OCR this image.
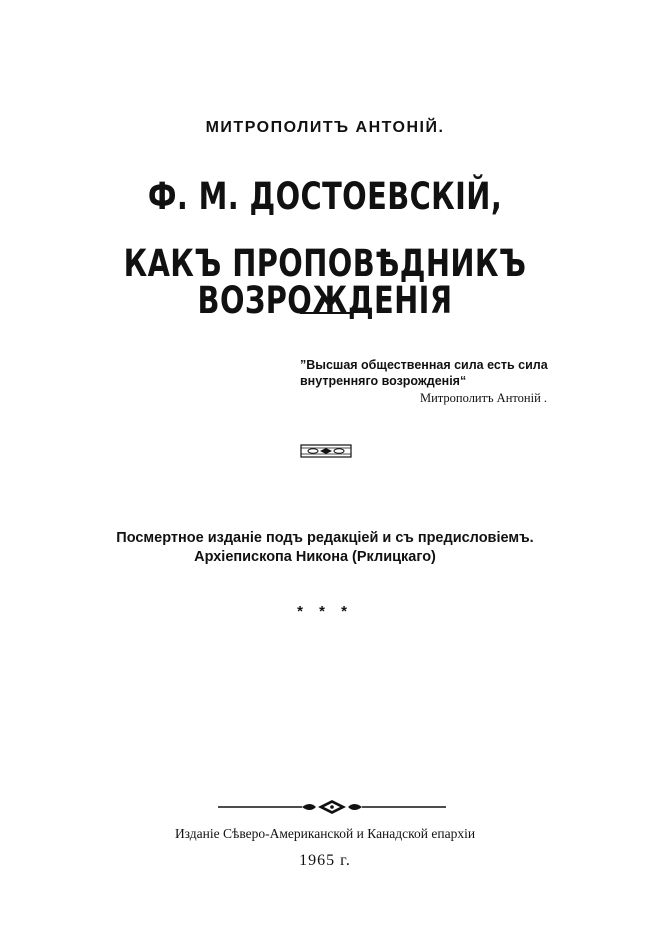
МИТРОПОЛИТЪ АНТОНІЙ.

Ф. М. ДОСТОЕВСКІЙ,
КАКЪ ПРОПОВѢДНИКЪ ВОЗРОЖДЕНІЯ

”Высшая общественная сила есть сила
внутренняго возрожденія“

Митрополитъ Антоній .

Посмертное изданіе подъ редакціей и съ предисловіемъ.
Архіепископа Никона (Рклицкаго)

* * *

Изданіе Сѣверо-Американской и Канадской епархіи

1965 г.
